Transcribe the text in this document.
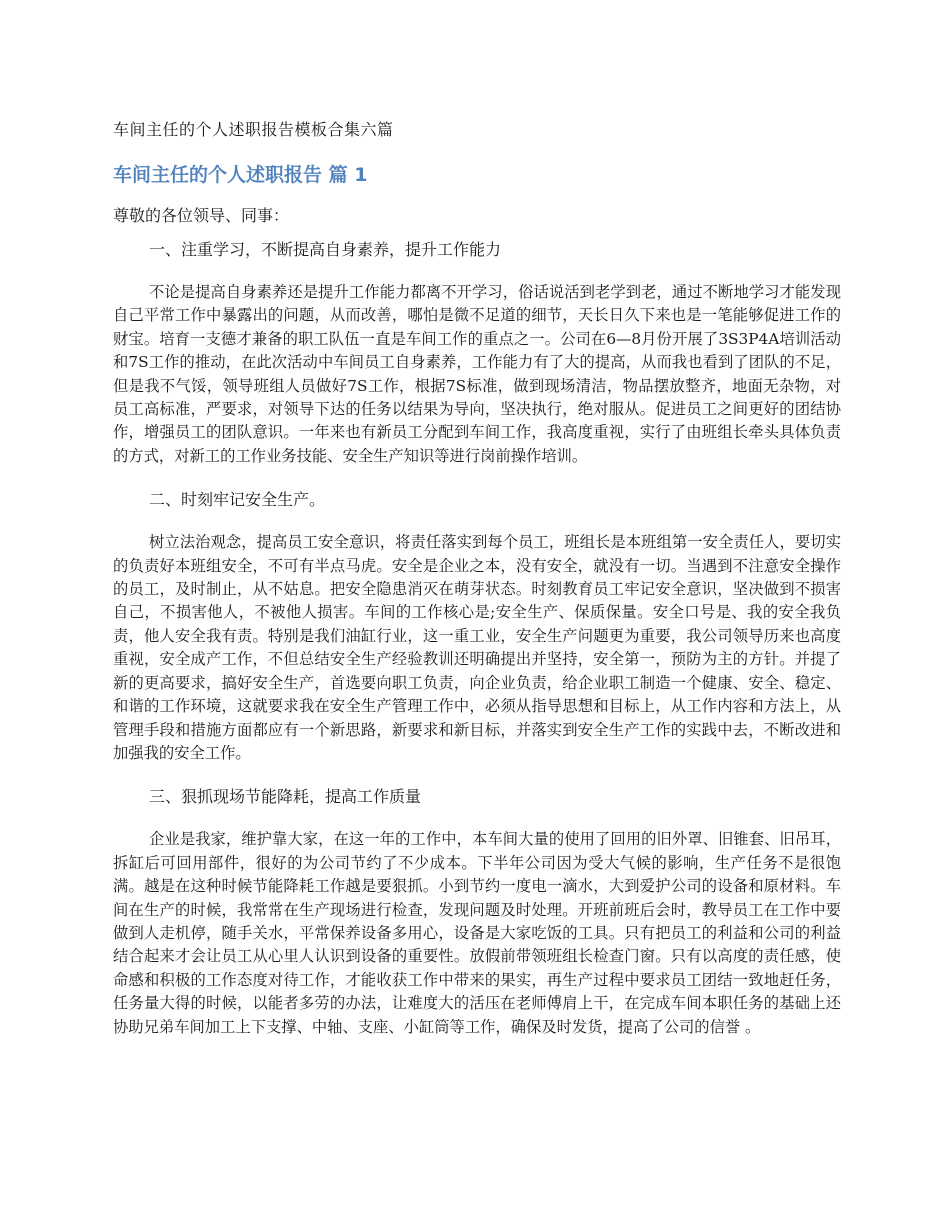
车间主任的个人述职报告模板合集六篇
车间主任的个人述职报告 篇 1
尊敬的各位领导、同事：
一、注重学习，不断提高自身素养，提升工作能力
不论是提高自身素养还是提升工作能力都离不开学习，俗话说活到老学到老，通过不断地学习才能发现自己平常工作中暴露出的问题，从而改善，哪怕是微不足道的细节，天长日久下来也是一笔能够促进工作的财宝。培育一支德才兼备的职工队伍一直是车间工作的重点之一。公司在6—8月份开展了3S3P4A培训活动和7S工作的推动，在此次活动中车间员工自身素养，工作能力有了大的提高，从而我也看到了团队的不足，但是我不气馁，领导班组人员做好7S工作，根据7S标准，做到现场清洁，物品摆放整齐，地面无杂物，对员工高标准，严要求，对领导下达的任务以结果为导向，坚决执行，绝对服从。促进员工之间更好的团结协作，增强员工的团队意识。一年来也有新员工分配到车间工作，我高度重视，实行了由班组长牵头具体负责的方式，对新工的工作业务技能、安全生产知识等进行岗前操作培训。
二、时刻牢记安全生产。
树立法治观念，提高员工安全意识，将责任落实到每个员工，班组长是本班组第一安全责任人，要切实的负责好本班组安全，不可有半点马虎。安全是企业之本，没有安全，就没有一切。当遇到不注意安全操作的员工，及时制止，从不姑息。把安全隐患消灭在萌芽状态。时刻教育员工牢记安全意识，坚决做到不损害自己，不损害他人，不被他人损害。车间的工作核心是;安全生产、保质保量。安全口号是、我的安全我负责，他人安全我有责。特别是我们油缸行业，这一重工业，安全生产问题更为重要，我公司领导历来也高度重视，安全成产工作，不但总结安全生产经验教训还明确提出并坚持，安全第一，预防为主的方针。并提了新的更高要求，搞好安全生产，首选要向职工负责，向企业负责，给企业职工制造一个健康、安全、稳定、和谐的工作环境，这就要求我在安全生产管理工作中，必须从指导思想和目标上，从工作内容和方法上，从管理手段和措施方面都应有一个新思路，新要求和新目标，并落实到安全生产工作的实践中去，不断改进和加强我的安全工作。
三、狠抓现场节能降耗，提高工作质量
企业是我家，维护靠大家，在这一年的工作中，本车间大量的使用了回用的旧外罩、旧锥套、旧吊耳，拆缸后可回用部件，很好的为公司节约了不少成本。下半年公司因为受大气候的影响，生产任务不是很饱满。越是在这种时候节能降耗工作越是要狠抓。小到节约一度电一滴水，大到爱护公司的设备和原材料。车间在生产的时候，我常常在生产现场进行检查，发现问题及时处理。开班前班后会时，教导员工在工作中要做到人走机停，随手关水，平常保养设备多用心，设备是大家吃饭的工具。只有把员工的利益和公司的利益结合起来才会让员工从心里人认识到设备的重要性。放假前带领班组长检查门窗。只有以高度的责任感，使命感和积极的工作态度对待工作，才能收获工作中带来的果实，再生产过程中要求员工团结一致地赶任务，任务量大得的时候，以能者多劳的办法，让难度大的活压在老师傅肩上干，在完成车间本职任务的基础上还协助兄弟车间加工上下支撑、中轴、支座、小缸筒等工作，确保及时发货，提高了公司的信誉 。
